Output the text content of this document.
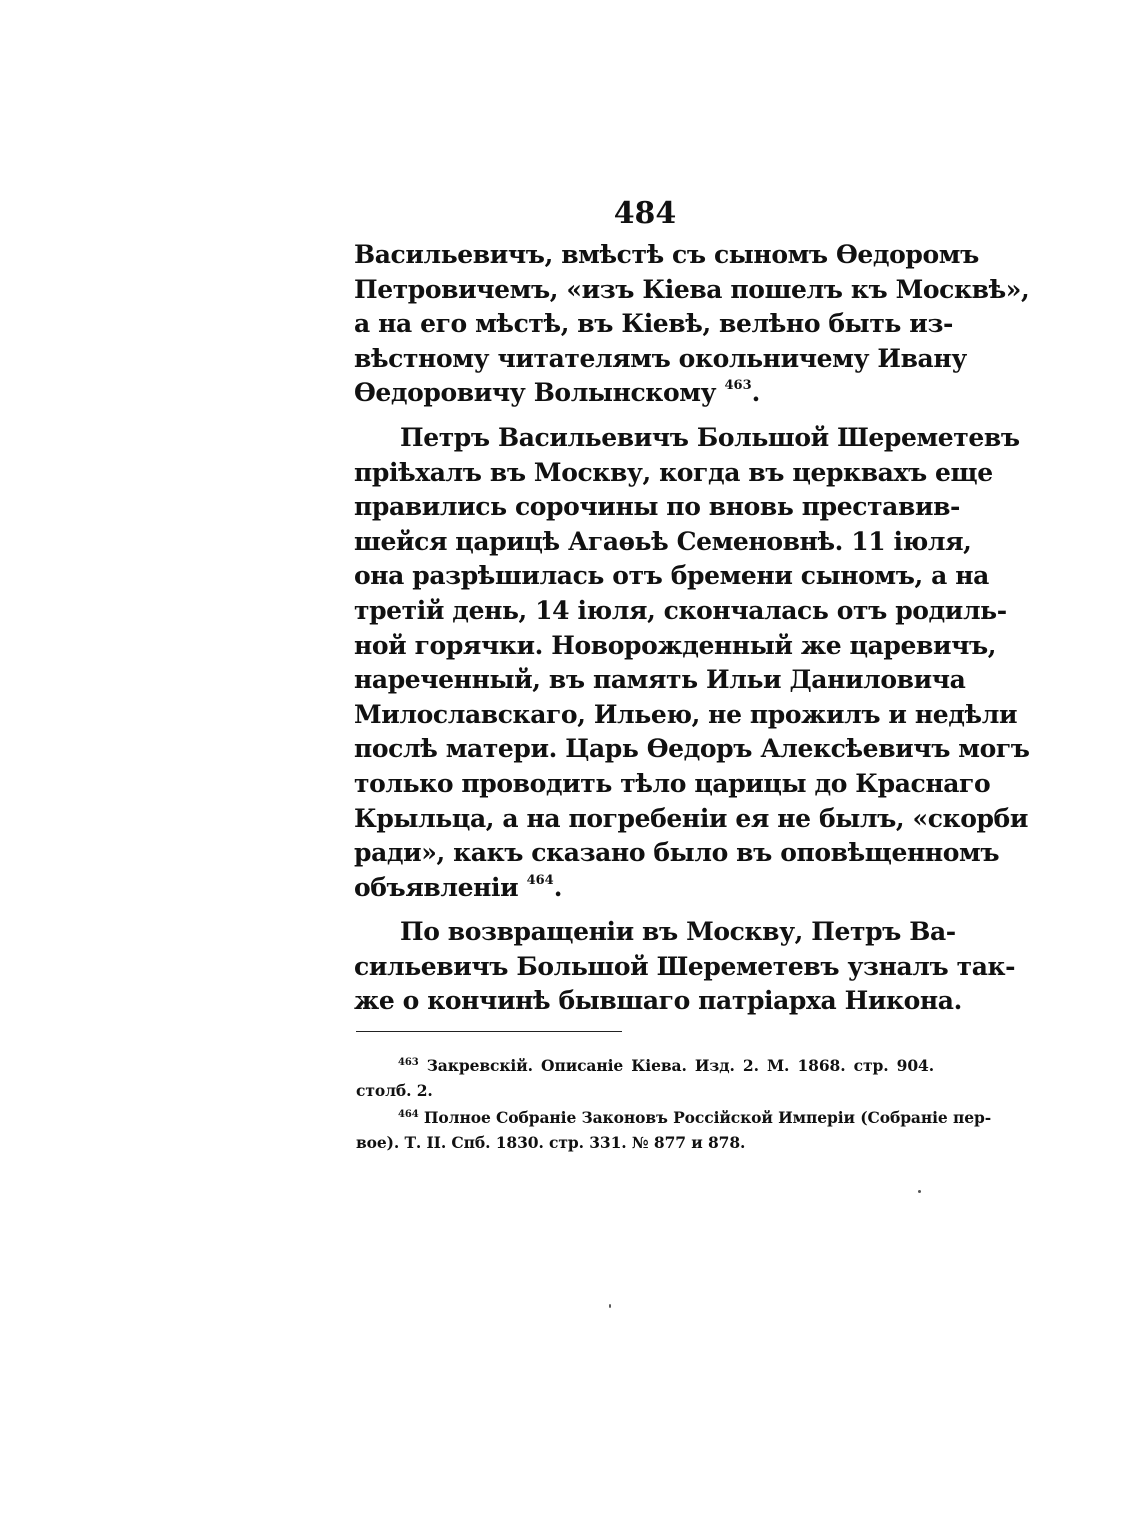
484
Васильевичъ, вмѣстѣ съ сыномъ Ѳедоромъ
Петровичемъ, «изъ Кіева пошелъ къ Москвѣ»,
а на его мѣстѣ, въ Кіевѣ, велѣно быть из-
вѣстному читателямъ окольничему Ивану
Ѳедоровичу Волынскому $^{463}$.
Петръ Васильевичъ Большой Шереметевъ
пріѣхалъ въ Москву, когда въ церквахъ еще
правились сорочины по вновь преставив-
шейся царицѣ Агаѳьѣ Семеновнѣ. 11 іюля,
она разрѣшилась отъ бремени сыномъ, а на
третій день, 14 іюля, скончалась отъ родиль-
ной горячки. Новорожденный же царевичъ,
нареченный, въ память Ильи Даниловича
Милославскаго, Ильею, не прожилъ и недѣли
послѣ матери. Царь Ѳедоръ Алексѣевичъ могъ
только проводить тѣло царицы до Краснаго
Крыльца, а на погребеніи ея не былъ, «скорби
ради», какъ сказано было въ оповѣщенномъ
объявленіи $^{464}$.
По возвращеніи въ Москву, Петръ Ва-
сильевичъ Большой Шереметевъ узналъ так-
же о кончинѣ бывшаго патріарха Никона.
$^{463}$ Закревскій. Описаніе Кіева. Изд. 2. М. 1868. стр. 904.
столб. 2.
$^{464}$ Полное Собраніе Законовъ Россійской Имперіи (Собраніе пер-
вое). Т. II. Спб. 1830. стр. 331. № 877 и 878.
